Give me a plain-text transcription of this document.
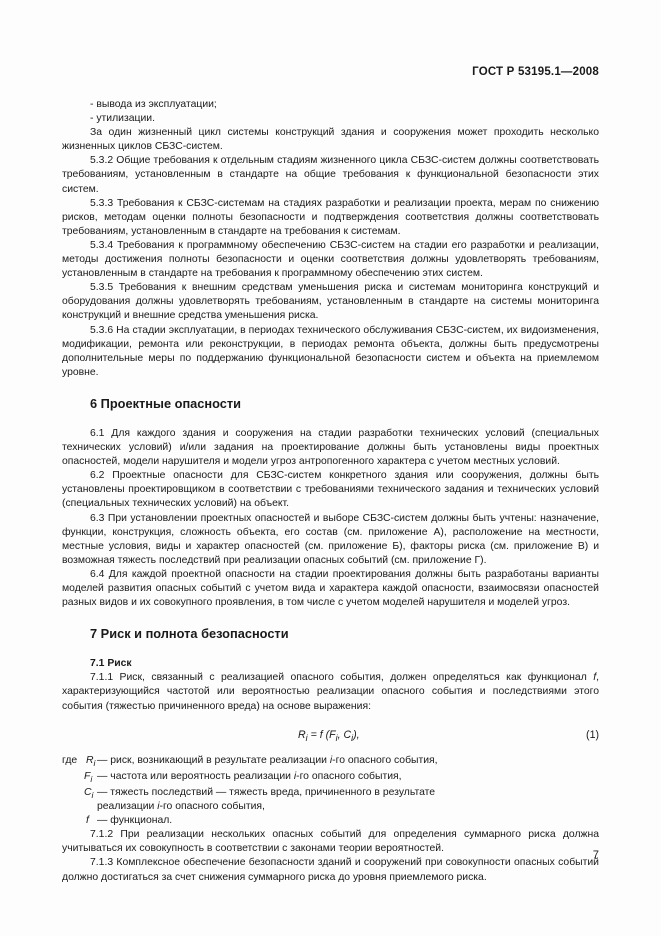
ГОСТ Р 53195.1—2008

- вывода из эксплуатации;

- утилизации.

За один жизненный цикл системы конструкций здания и сооружения может проходить несколько жизненных циклов СБЗС-систем.

5.3.2 Общие требования к отдельным стадиям жизненного цикла СБЗС-систем должны соответствовать требованиям, установленным в стандарте на общие требования к функциональной безопасности этих систем.

5.3.3 Требования к СБЗС-системам на стадиях разработки и реализации проекта, мерам по снижению рисков, методам оценки полноты безопасности и подтверждения соответствия должны соответствовать требованиям, установленным в стандарте на требования к системам.

5.3.4 Требования к программному обеспечению СБЗС-систем на стадии его разработки и реализации, методы достижения полноты безопасности и оценки соответствия должны удовлетворять требованиям, установленным в стандарте на требования к программному обеспечению этих систем.

5.3.5 Требования к внешним средствам уменьшения риска и системам мониторинга конструкций и оборудования должны удовлетворять требованиям, установленным в стандарте на системы мониторинга конструкций и внешние средства уменьшения риска.

5.3.6 На стадии эксплуатации, в периодах технического обслуживания СБЗС-систем, их видоизменения, модификации, ремонта или реконструкции, в периодах ремонта объекта, должны быть предусмотрены дополнительные меры по поддержанию функциональной безопасности систем и объекта на приемлемом уровне.

6 Проектные опасности

6.1 Для каждого здания и сооружения на стадии разработки технических условий (специальных технических условий) и/или задания на проектирование должны быть установлены виды проектных опасностей, модели нарушителя и модели угроз антропогенного характера с учетом местных условий.

6.2 Проектные опасности для СБЗС-систем конкретного здания или сооружения, должны быть установлены проектировщиком в соответствии с требованиями технического задания и технических условий (специальных технических условий) на объект.

6.3 При установлении проектных опасностей и выборе СБЗС-систем должны быть учтены: назначение, функции, конструкция, сложность объекта, его состав (см. приложение А), расположение на местности, местные условия, виды и характер опасностей (см. приложение Б), факторы риска (см. приложение В) и возможная тяжесть последствий при реализации опасных событий (см. приложение Г).

6.4 Для каждой проектной опасности на стадии проектирования должны быть разработаны варианты моделей развития опасных событий с учетом вида и характера каждой опасности, взаимосвязи опасностей разных видов и их совокупного проявления, в том числе с учетом моделей нарушителя и моделей угроз.

7 Риск и полнота безопасности
7.1 Риск

7.1.1 Риск, связанный с реализацией опасного события, должен определяться как функционал f, характеризующийся частотой или вероятностью реализации опасного события и последствиями этого события (тяжестью причиненного вреда) на основе выражения:

$R_i = f$ ($F_i$, $C_i$),	(1)
где $R_i$ — риск, возникающий в результате реализации i-го опасного события,
$F_i$ — частота или вероятность реализации i-го опасного события,
$C_i$ — тяжесть последствий — тяжесть вреда, причиненного в результате реализации i-го опасного события,
f — функционал.

7.1.2 При реализации нескольких опасных событий для определения суммарного риска должна учитываться их совокупность в соответствии с законами теории вероятностей.

7.1.3 Комплексное обеспечение безопасности зданий и сооружений при совокупности опасных событий должно достигаться за счет снижения суммарного риска до уровня приемлемого риска.

7
